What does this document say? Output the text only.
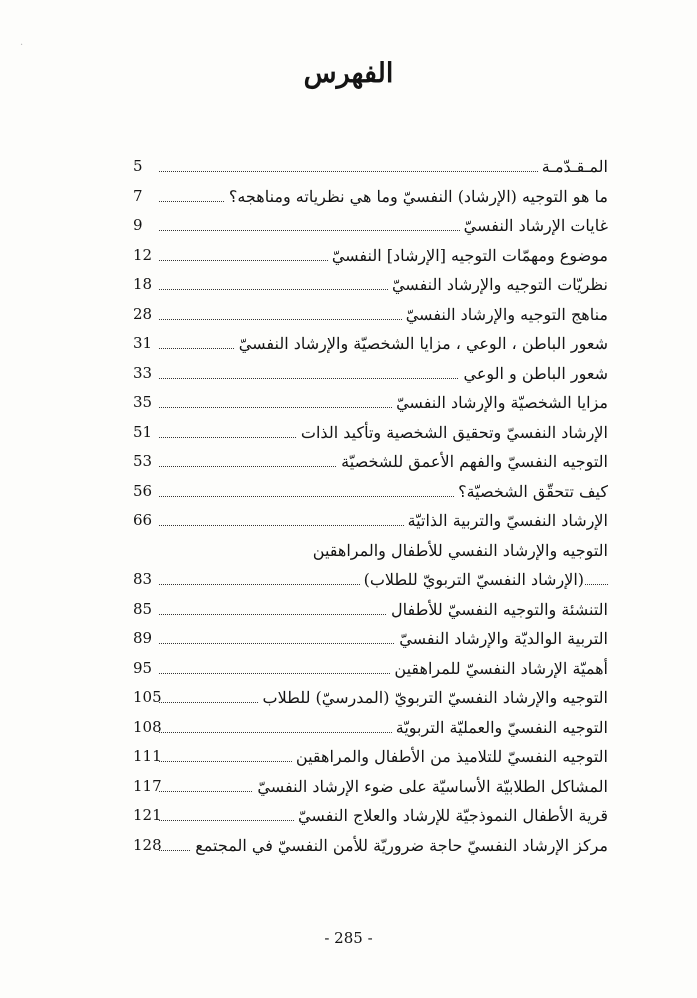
·
الفهرس
المـقـدّمـة
5
ما هو التوجيه (الإرشاد) النفسيّ وما هي نظرياته ومناهجه؟
7
غايات الإرشاد النفسيّ
9
موضوع ومهمّات التوجيه [الإرشاد] النفسيّ
12
نظريّات التوجيه والإرشاد النفسيّ
18
مناهج التوجيه والإرشاد النفسيّ
28
شعور الباطن ، الوعي ، مزايا الشخصيّة والإرشاد النفسيّ
31
شعور الباطن و الوعي
33
مزايا الشخصيّة والإرشاد النفسيّ
35
الإرشاد النفسيّ وتحقيق الشخصية وتأكيد الذات
51
التوجيه النفسيّ والفهم الأعمق للشخصيّة
53
كيف تتحقّق الشخصيّة؟
56
الإرشاد النفسيّ والتربية الذاتيّة
66
التوجيه والإرشاد النفسي للأطفال والمراهقين
(الإرشاد النفسيّ التربويّ للطلاب)
83
التنشئة والتوجيه النفسيّ للأطفال
85
التربية الوالديّة والإرشاد النفسيّ
89
أهميّة الإرشاد النفسيّ للمراهقين
95
التوجيه والإرشاد النفسيّ التربويّ (المدرسيّ) للطلاب
105
التوجيه النفسيّ والعمليّة التربويّة
108
التوجيه النفسيّ للتلاميذ من الأطفال والمراهقين
111
المشاكل الطلابيّة الأساسيّة على ضوء الإرشاد النفسيّ
117
قرية الأطفال النموذجيّة للإرشاد والعلاج النفسيّ
121
مركز الإرشاد النفسيّ حاجة ضروريّة للأمن النفسيّ في المجتمع
128
- 285 -
